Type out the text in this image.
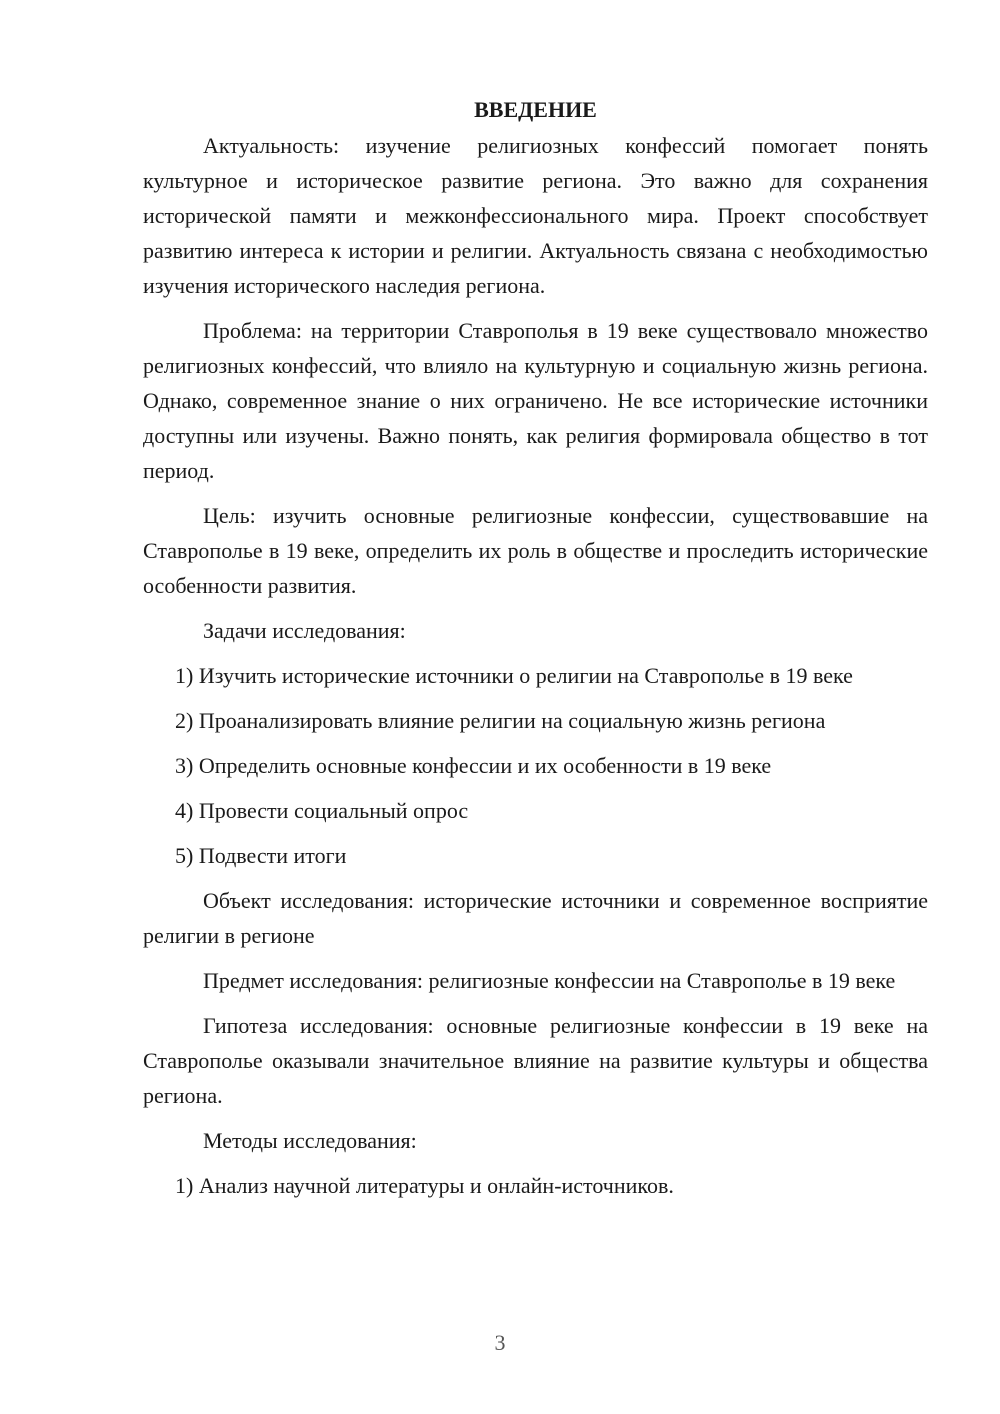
ВВЕДЕНИЕ

Актуальность: изучение религиозных конфессий помогает понять культурное и историческое развитие региона. Это важно для сохранения исторической памяти и межконфессионального мира. Проект способствует развитию интереса к истории и религии. Актуальность связана с необходимостью изучения исторического наследия региона.

Проблема: на территории Ставрополья в 19 веке существовало множество религиозных конфессий, что влияло на культурную и социальную жизнь региона. Однако, современное знание о них ограничено. Не все исторические источники доступны или изучены. Важно понять, как религия формировала общество в тот период.

Цель: изучить основные религиозные конфессии, существовавшие на Ставрополье в 19 веке, определить их роль в обществе и проследить исторические особенности развития.

Задачи исследования:

1) Изучить исторические источники о религии на Ставрополье в 19 веке

2) Проанализировать влияние религии на социальную жизнь региона

3) Определить основные конфессии и их особенности в 19 веке

4) Провести социальный опрос

5) Подвести итоги

Объект исследования: исторические источники и современное восприятие религии в регионе

Предмет исследования: религиозные конфессии на Ставрополье в 19 веке

Гипотеза исследования: основные религиозные конфессии в 19 веке на Ставрополье оказывали значительное влияние на развитие культуры и общества региона.

Методы исследования:

1) Анализ научной литературы и онлайн-источников.

3
